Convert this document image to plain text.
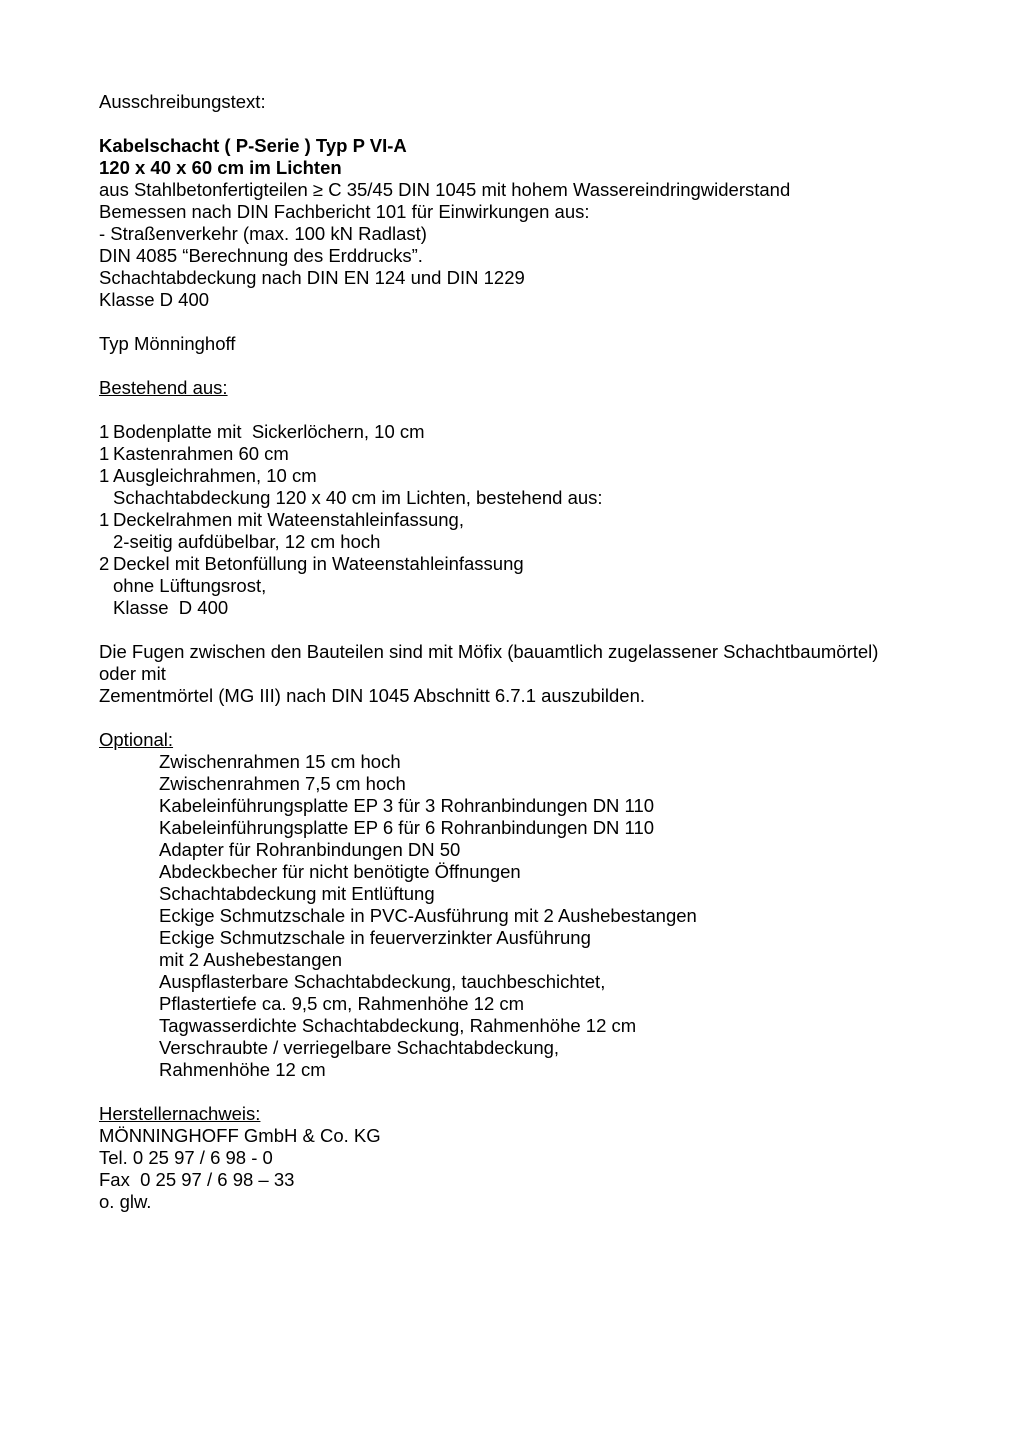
Ausschreibungstext:
Kabelschacht ( P-Serie ) Typ P VI-A
120 x 40 x 60 cm im Lichten
aus Stahlbetonfertigteilen ≥ C 35/45 DIN 1045 mit hohem Wassereindringwiderstand
Bemessen nach DIN Fachbericht 101 für Einwirkungen aus:
- Straßenverkehr (max. 100 kN Radlast)
DIN 4085 “Berechnung des Erddrucks”.
Schachtabdeckung nach DIN EN 124 und DIN 1229
Klasse D 400
Typ Mönninghoff
Bestehend aus:
1 Bodenplatte mit  Sickerlöchern, 10 cm
1 Kastenrahmen 60 cm
1 Ausgleichrahmen, 10 cm
Schachtabdeckung 120 x 40 cm im Lichten, bestehend aus:
1 Deckelrahmen mit Wateenstahleinfassung,
2-seitig aufdübelbar, 12 cm hoch
2 Deckel mit Betonfüllung in Wateenstahleinfassung
ohne Lüftungsrost,
Klasse  D 400
Die Fugen zwischen den Bauteilen sind mit Möfix (bauamtlich zugelassener Schachtbaumörtel)
oder mit
Zementmörtel (MG III) nach DIN 1045 Abschnitt 6.7.1 auszubilden.
Optional:
Zwischenrahmen 15 cm hoch
Zwischenrahmen 7,5 cm hoch
Kabeleinführungsplatte EP 3 für 3 Rohranbindungen DN 110
Kabeleinführungsplatte EP 6 für 6 Rohranbindungen DN 110
Adapter für Rohranbindungen DN 50
Abdeckbecher für nicht benötigte Öffnungen
Schachtabdeckung mit Entlüftung
Eckige Schmutzschale in PVC-Ausführung mit 2 Aushebestangen
Eckige Schmutzschale in feuerverzinkter Ausführung
mit 2 Aushebestangen
Auspflasterbare Schachtabdeckung, tauchbeschichtet,
Pflastertiefe ca. 9,5 cm, Rahmenhöhe 12 cm
Tagwasserdichte Schachtabdeckung, Rahmenhöhe 12 cm
Verschraubte / verriegelbare Schachtabdeckung,
Rahmenhöhe 12 cm
Herstellernachweis:
MÖNNINGHOFF GmbH & Co. KG
Tel. 0 25 97 / 6 98 - 0
Fax  0 25 97 / 6 98 – 33
o. glw.
